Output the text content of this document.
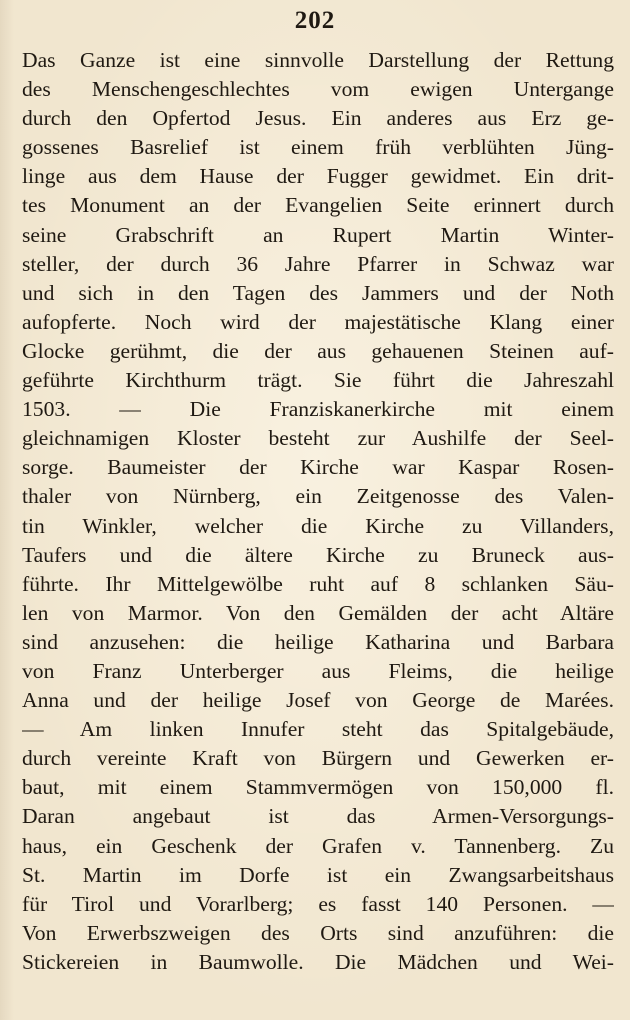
202
Das Ganze ist eine sinnvolle Darstellung der Rettung
des Menschengeschlechtes vom ewigen Untergange
durch den Opfertod Jesus. Ein anderes aus Erz ge-
gossenes Basrelief ist einem früh verblühten Jüng-
linge aus dem Hause der Fugger gewidmet. Ein drit-
tes Monument an der Evangelien Seite erinnert durch
seine Grabschrift an Rupert Martin Winter-
steller, der durch 36 Jahre Pfarrer in Schwaz war
und sich in den Tagen des Jammers und der Noth
aufopferte. Noch wird der majestätische Klang einer
Glocke gerühmt, die der aus gehauenen Steinen auf-
geführte Kirchthurm trägt. Sie führt die Jahreszahl
1503. — Die Franziskanerkirche mit einem
gleichnamigen Kloster besteht zur Aushilfe der Seel-
sorge. Baumeister der Kirche war Kaspar Rosen-
thaler von Nürnberg, ein Zeitgenosse des Valen-
tin Winkler, welcher die Kirche zu Villanders,
Taufers und die ältere Kirche zu Bruneck aus-
führte. Ihr Mittelgewölbe ruht auf 8 schlanken Säu-
len von Marmor. Von den Gemälden der acht Altäre
sind anzusehen: die heilige Katharina und Barbara
von Franz Unterberger aus Fleims, die heilige
Anna und der heilige Josef von George de Marées.
— Am linken Innufer steht das Spitalgebäude,
durch vereinte Kraft von Bürgern und Gewerken er-
baut, mit einem Stammvermögen von 150,000 fl.
Daran angebaut ist das Armen-Versorgungs-
haus, ein Geschenk der Grafen v. Tannenberg. Zu
St. Martin im Dorfe ist ein Zwangsarbeitshaus
für Tirol und Vorarlberg; es fasst 140 Personen. —
Von Erwerbszweigen des Orts sind anzuführen: die
Stickereien in Baumwolle. Die Mädchen und Wei-
